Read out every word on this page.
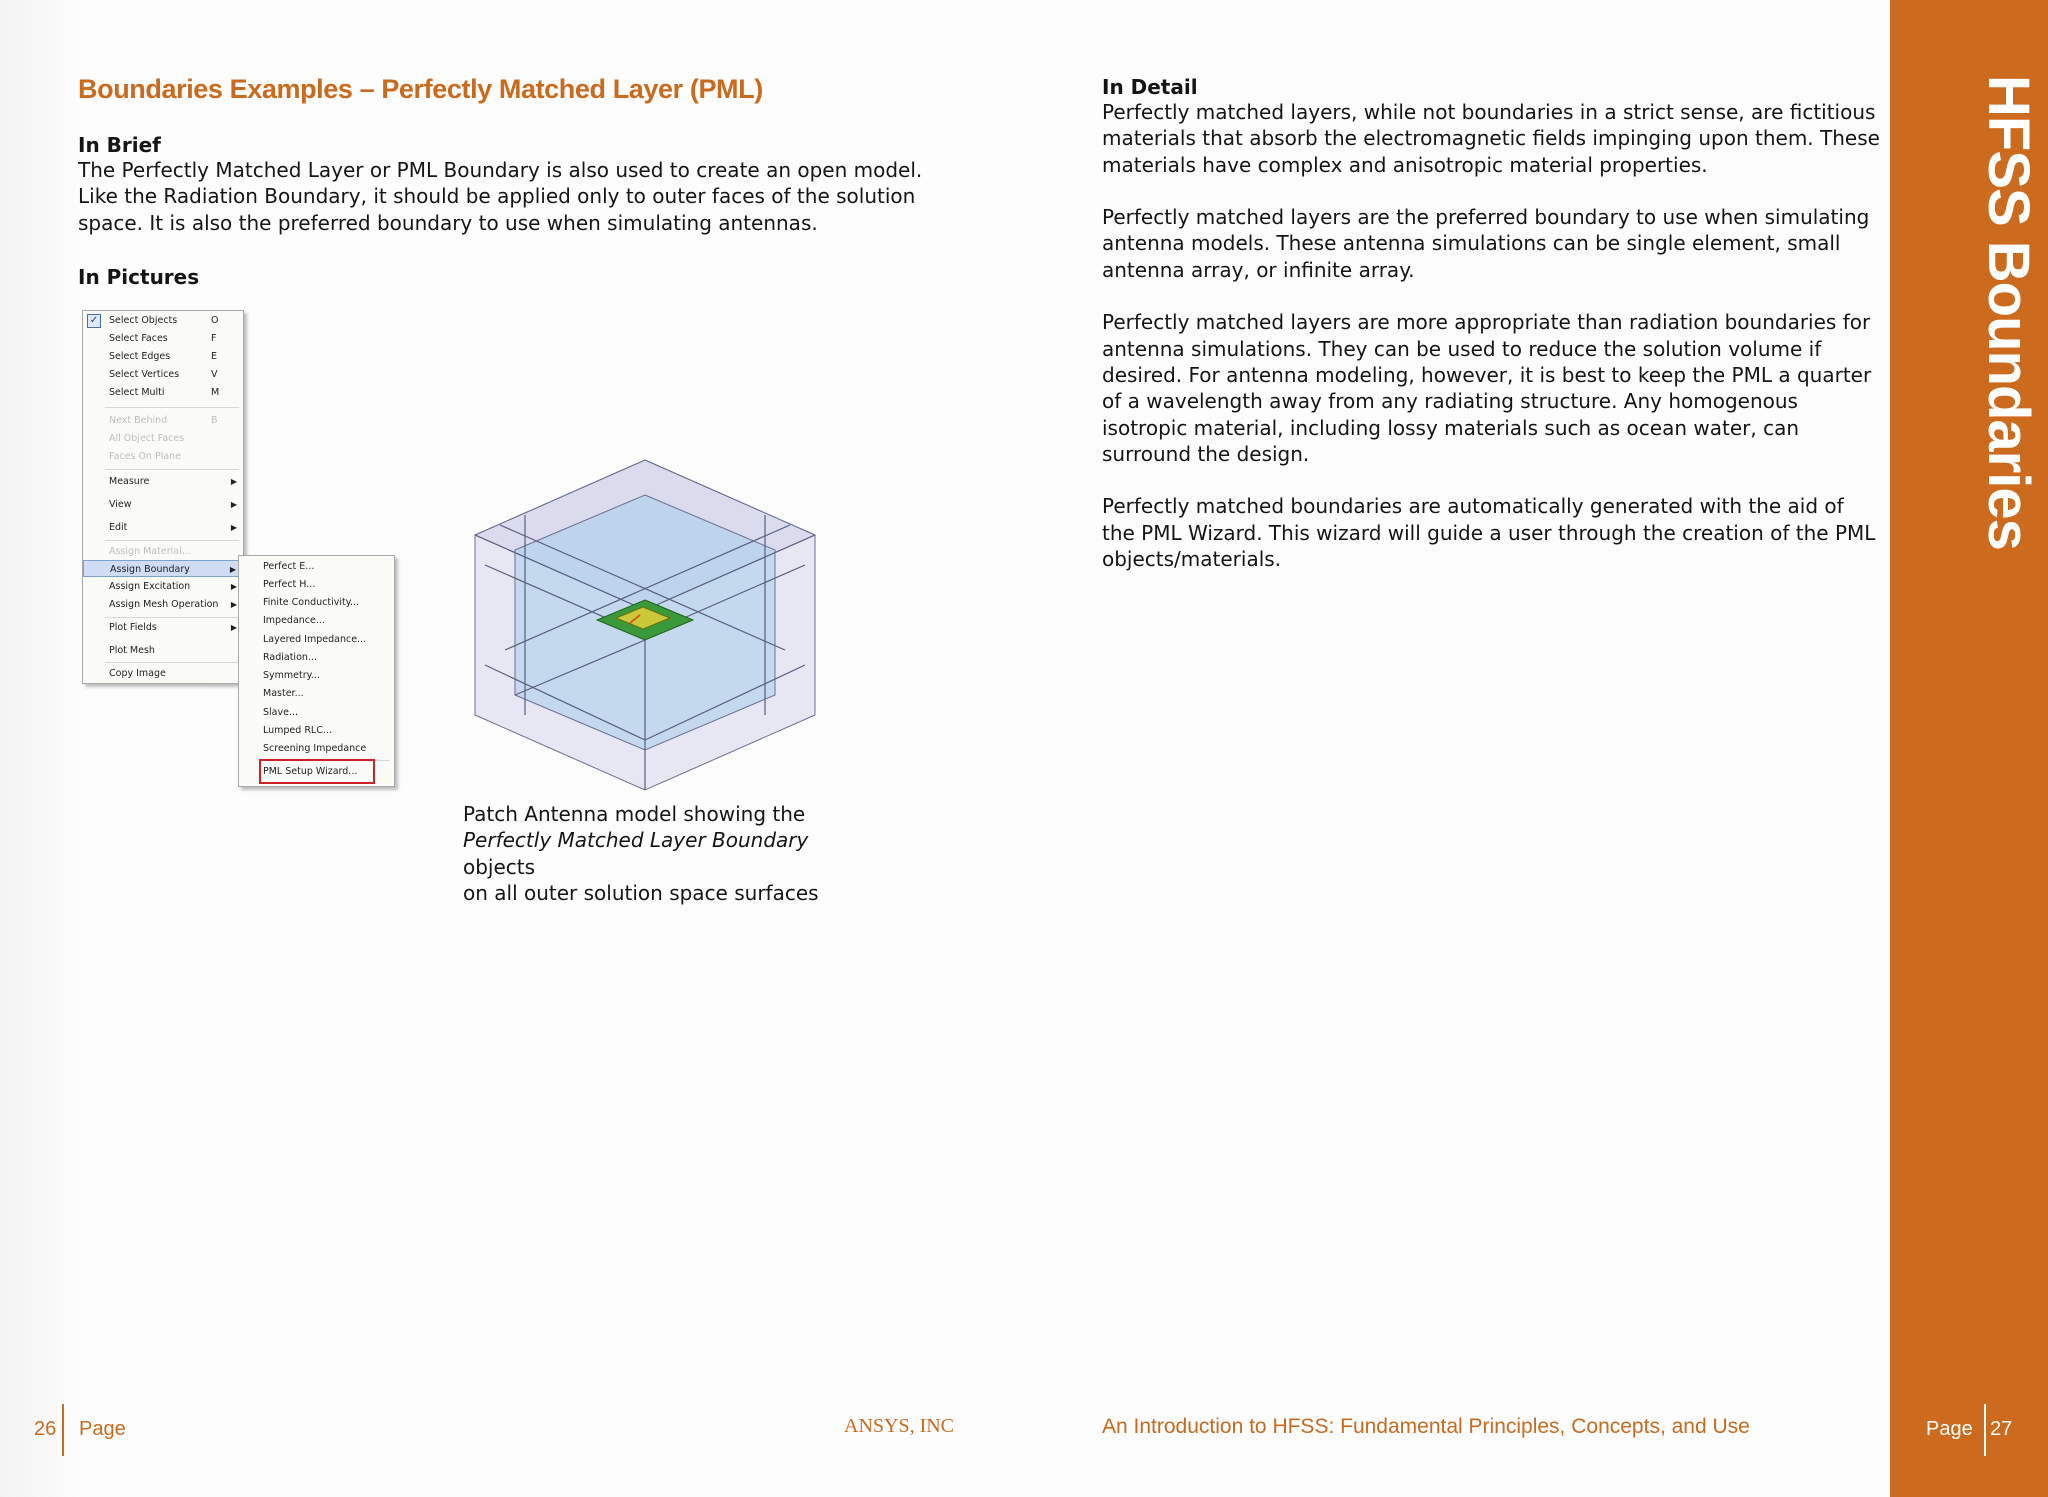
Boundaries Examples – Perfectly Matched Layer (PML)

In Brief

The Perfectly Matched Layer or PML Boundary is also used to create an open model. Like the Radiation Boundary, it should be applied only to outer faces of the solution space. It is also the preferred boundary to use when simulating antennas.

In Pictures

✓ Select Objects	O
Select Faces	F
Select Edges	E
Select Vertices	V
Select Multi	M
Next Behind	B
All Object Faces
Faces On Plane
Measure	▶
View	▶
Edit	▶
Assign Material...
Assign Boundary	▶
Assign Excitation	▶
Assign Mesh Operation ▶
Plot Fields	▶
Plot Mesh
Copy Image
Perfect E...
Perfect H...
Finite Conductivity...
Impedance...
Layered Impedance...
Radiation...
Symmetry...
Master...
Slave...
Lumped RLC...
Screening Impedance
PML Setup Wizard...

Patch Antenna model showing the

Perfectly Matched Layer Boundary objects

on all outer solution space surfaces

In Detail

Perfectly matched layers, while not boundaries in a strict sense, are fictitious materials that absorb the electromagnetic fields impinging upon them. These materials have complex and anisotropic material properties.

Perfectly matched layers are the preferred boundary to use when simulating antenna models. These antenna simulations can be single element, small antenna array, or infinite array.

Perfectly matched layers are more appropriate than radiation boundaries for antenna simulations. They can be used to reduce the solution volume if desired. For antenna modeling, however, it is best to keep the PML a quarter of a wavelength away from any radiating structure. Any homogenous isotropic material, including lossy materials such as ocean water, can surround the design.

Perfectly matched boundaries are automatically generated with the aid of the PML Wizard. This wizard will guide a user through the creation of the PML objects/materials.

HFSS Boundaries
26 Page	ANSYS, INC	An Introduction to HFSS: Fundamental Principles, Concepts, and Use	Page 27
